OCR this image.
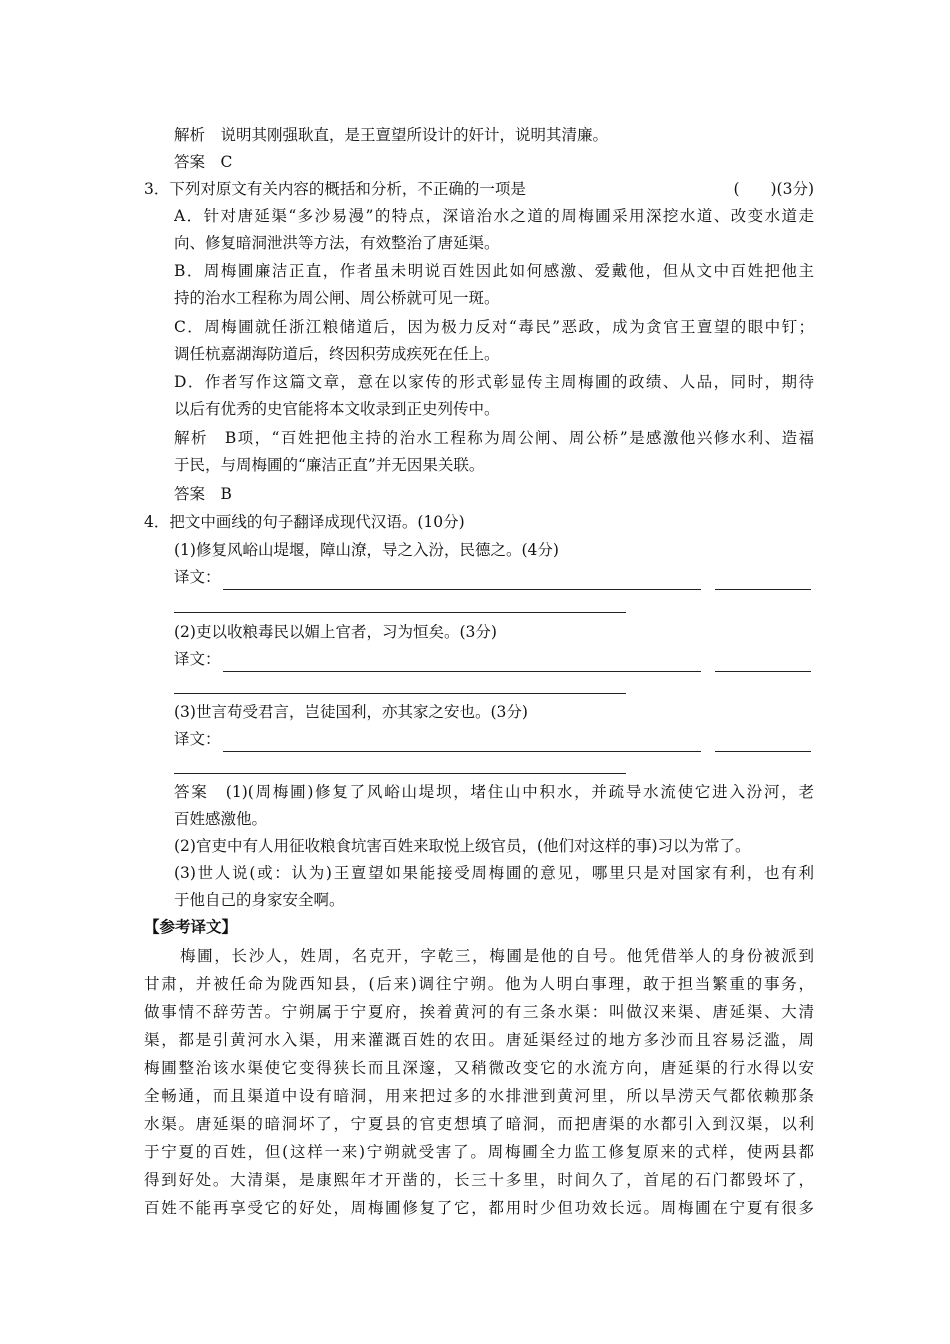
解析　说明其刚强耿直，是王亶望所设计的奸计，说明其清廉。
答案　C
3．下列对原文有关内容的概括和分析，不正确的一项是	(　　)(3分)
A．针对唐延渠“多沙易漫”的特点，深谙治水之道的周梅圃采用深挖水道、改变水道走
向、修复暗洞泄洪等方法，有效整治了唐延渠。
B．周梅圃廉洁正直，作者虽未明说百姓因此如何感激、爱戴他，但从文中百姓把他主
持的治水工程称为周公闸、周公桥就可见一斑。
C．周梅圃就任浙江粮储道后，因为极力反对“毒民”恶政，成为贪官王亶望的眼中钉；
调任杭嘉湖海防道后，终因积劳成疾死在任上。
D．作者写作这篇文章，意在以家传的形式彰显传主周梅圃的政绩、人品，同时，期待
以后有优秀的史官能将本文收录到正史列传中。
解析　B项，“百姓把他主持的治水工程称为周公闸、周公桥”是感激他兴修水利、造福
于民，与周梅圃的“廉洁正直”并无因果关联。
答案　B
4．把文中画线的句子翻译成现代汉语。(10分)
(1)修复风峪山堤堰，障山潦，导之入汾，民德之。(4分)
译文：
(2)吏以收粮毒民以媚上官者，习为恒矣。(3分)
译文：
(3)世言苟受君言，岂徒国利，亦其家之安也。(3分)
译文：
答案　(1)(周梅圃)修复了风峪山堤坝，堵住山中积水，并疏导水流使它进入汾河，老
百姓感激他。
(2)官吏中有人用征收粮食坑害百姓来取悦上级官员，(他们对这样的事)习以为常了。
(3)世人说(或：认为)王亶望如果能接受周梅圃的意见，哪里只是对国家有利，也有利
于他自己的身家安全啊。
【参考译文】
梅圃，长沙人，姓周，名克开，字乾三，梅圃是他的自号。他凭借举人的身份被派到
甘肃，并被任命为陇西知县，(后来)调往宁朔。他为人明白事理，敢于担当繁重的事务，
做事情不辞劳苦。宁朔属于宁夏府，挨着黄河的有三条水渠：叫做汉来渠、唐延渠、大清
渠，都是引黄河水入渠，用来灌溉百姓的农田。唐延渠经过的地方多沙而且容易泛滥，周
梅圃整治该水渠使它变得狭长而且深邃，又稍微改变它的水流方向，唐延渠的行水得以安
全畅通，而且渠道中设有暗洞，用来把过多的水排泄到黄河里，所以旱涝天气都依赖那条
水渠。唐延渠的暗洞坏了，宁夏县的官吏想填了暗洞，而把唐渠的水都引入到汉渠，以利
于宁夏的百姓，但(这样一来)宁朔就受害了。周梅圃全力监工修复原来的式样，使两县都
得到好处。大清渠，是康熙年才开凿的，长三十多里，时间久了，首尾的石门都毁坏了，
百姓不能再享受它的好处，周梅圃修复了它，都用时少但功效长远。周梅圃在宁夏有很多
